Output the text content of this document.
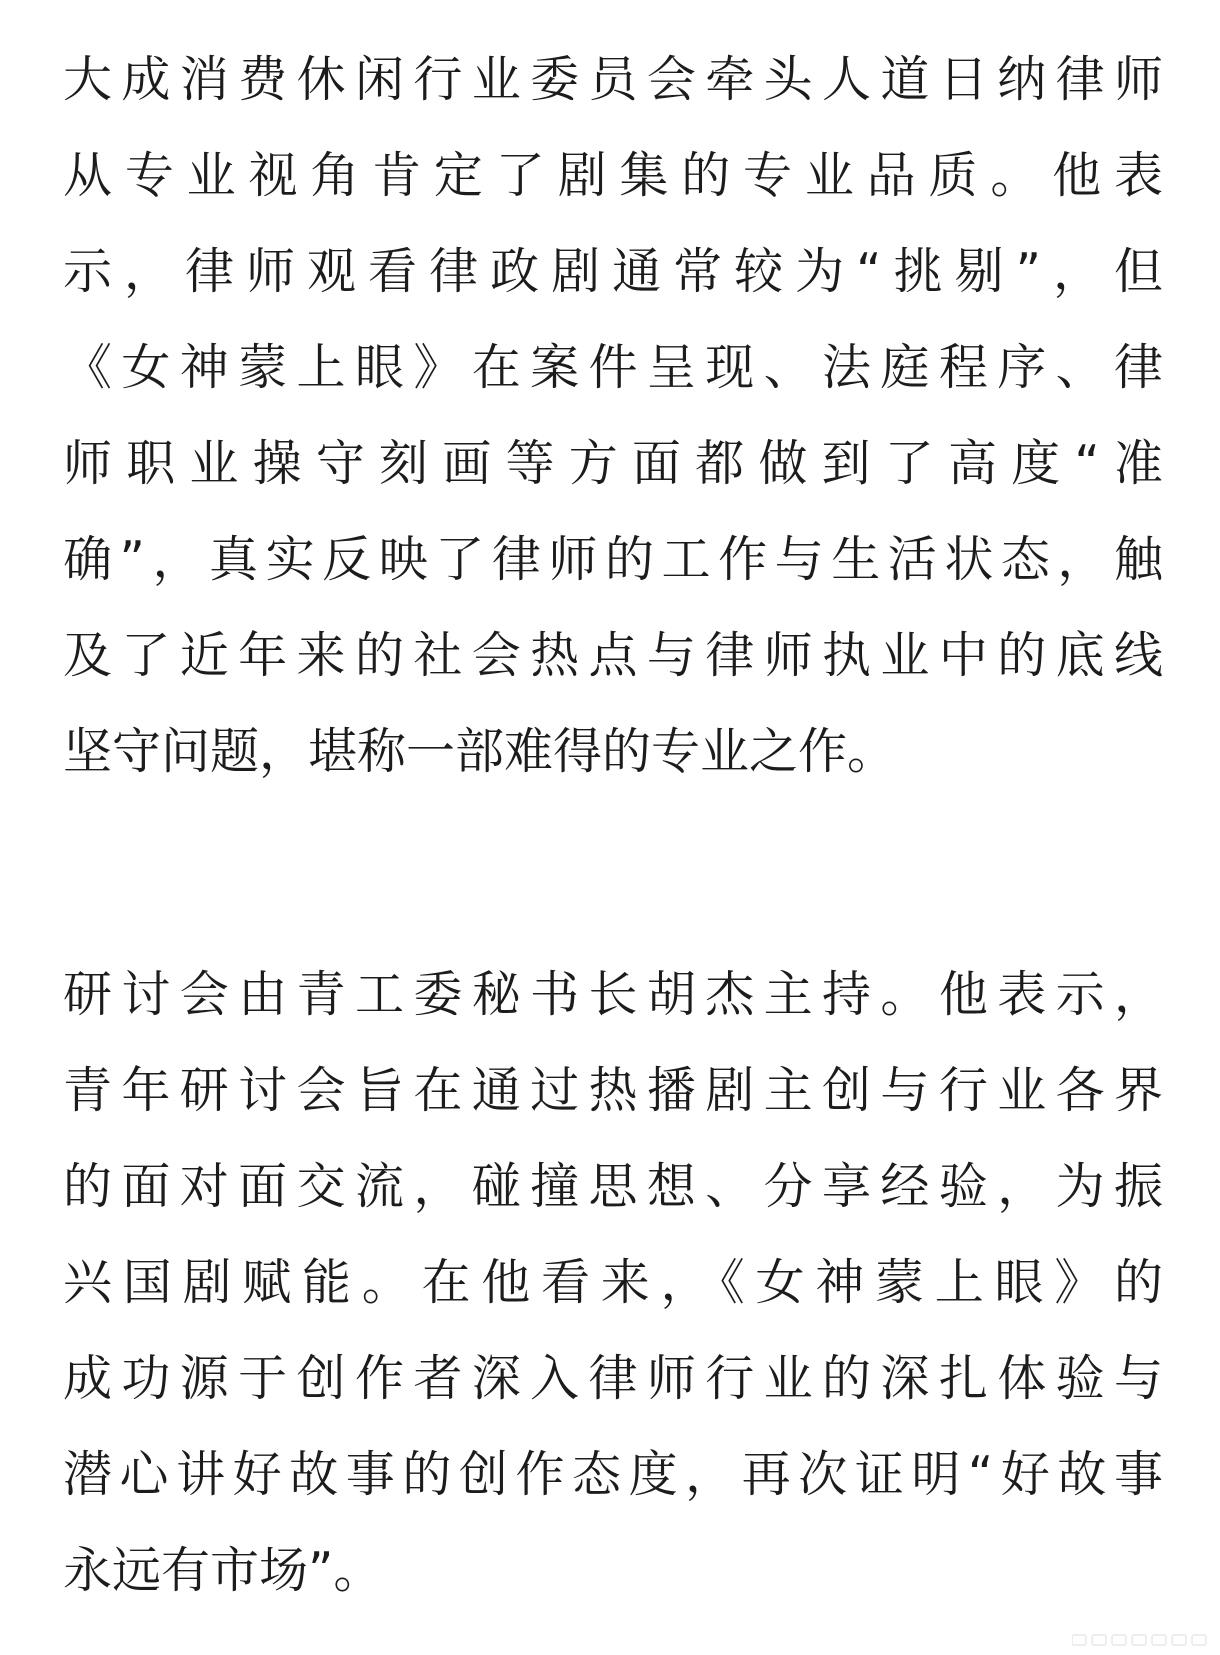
大成消费休闲行业委员会牵头人道日纳律师
从专业视角肯定了剧集的专业品质。他表
示，律师观看律政剧通常较为“挑剔”，但
《女神蒙上眼》在案件呈现、法庭程序、律
师职业操守刻画等方面都做到了高度“准
确”，真实反映了律师的工作与生活状态，触
及了近年来的社会热点与律师执业中的底线
坚守问题，堪称一部难得的专业之作。
研讨会由青工委秘书长胡杰主持。他表示，
青年研讨会旨在通过热播剧主创与行业各界
的面对面交流，碰撞思想、分享经验，为振
兴国剧赋能。在他看来，《女神蒙上眼》的
成功源于创作者深入律师行业的深扎体验与
潜心讲好故事的创作态度，再次证明“好故事
永远有市场”。
